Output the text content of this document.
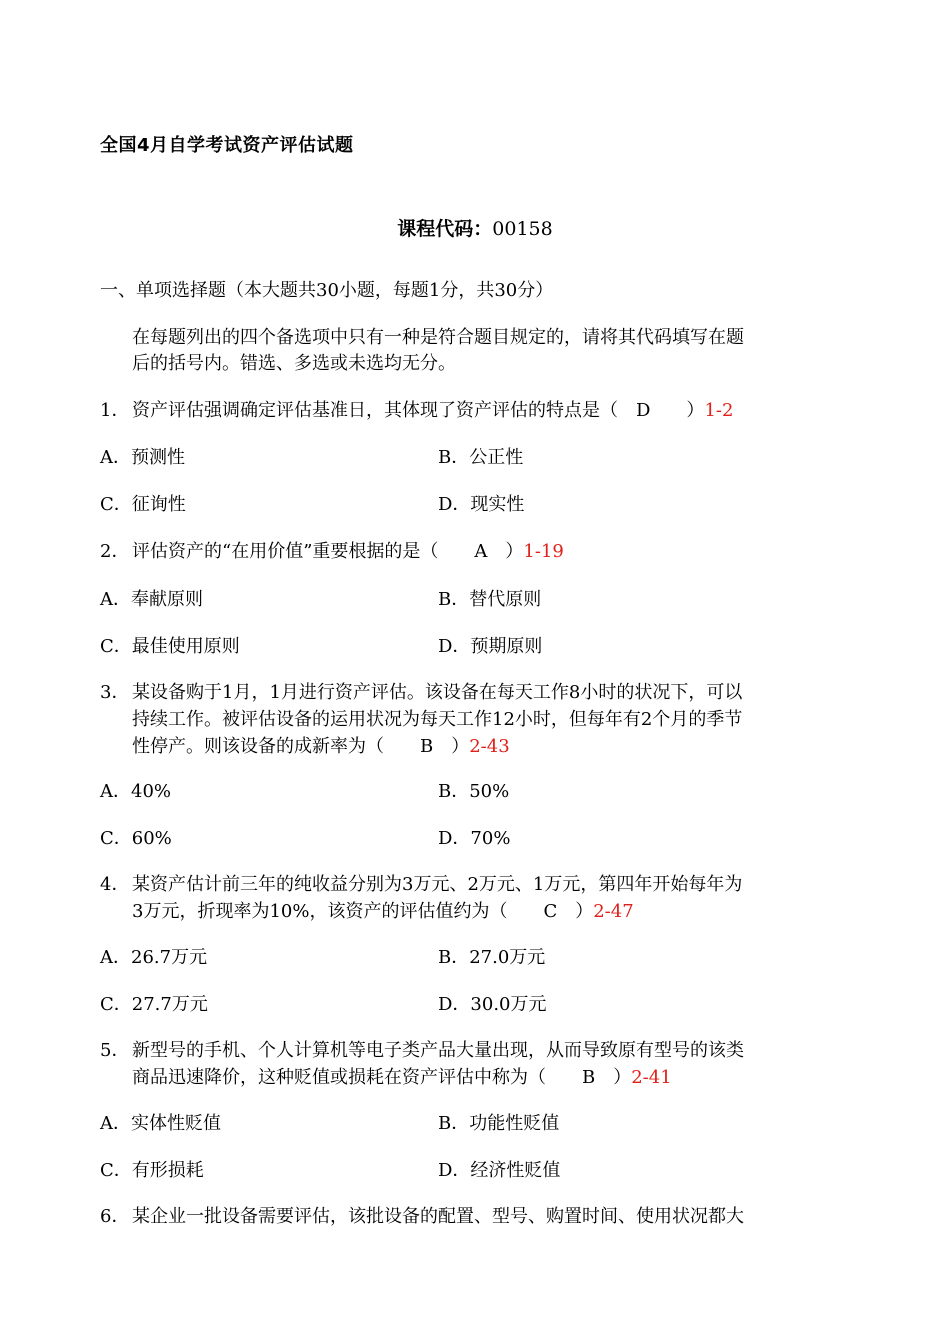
全国4月自学考试资产评估试题
课程代码：00158
一、单项选择题（本大题共30小题，每题1分，共30分）
在每题列出的四个备选项中只有一种是符合题目规定的，请将其代码填写在题
后的括号内。错选、多选或未选均无分。
1． 资产评估强调确定评估基准日，其体现了资产评估的特点是（　D　　）1-2
A．预测性	B．公正性
C．征询性	D．现实性
2． 评估资产的“在用价值”重要根据的是（　　A　）1-19
A．奉献原则	B．替代原则
C．最佳使用原则	D．预期原则
3． 某设备购于1月，1月进行资产评估。该设备在每天工作8小时的状况下，可以
持续工作。被评估设备的运用状况为每天工作12小时，但每年有2个月的季节
性停产。则该设备的成新率为（　　B　）2-43
A．40%	B．50%
C．60%	D．70%
4． 某资产估计前三年的纯收益分别为3万元、2万元、1万元，第四年开始每年为
3万元，折现率为10%，该资产的评估值约为（　　C　）2-47
A．26.7万元	B．27.0万元
C．27.7万元	D．30.0万元
5． 新型号的手机、个人计算机等电子类产品大量出现，从而导致原有型号的该类
商品迅速降价，这种贬值或损耗在资产评估中称为（　　B　）2-41
A．实体性贬值	B．功能性贬值
C．有形损耗	D．经济性贬值
6． 某企业一批设备需要评估，该批设备的配置、型号、购置时间、使用状况都大
